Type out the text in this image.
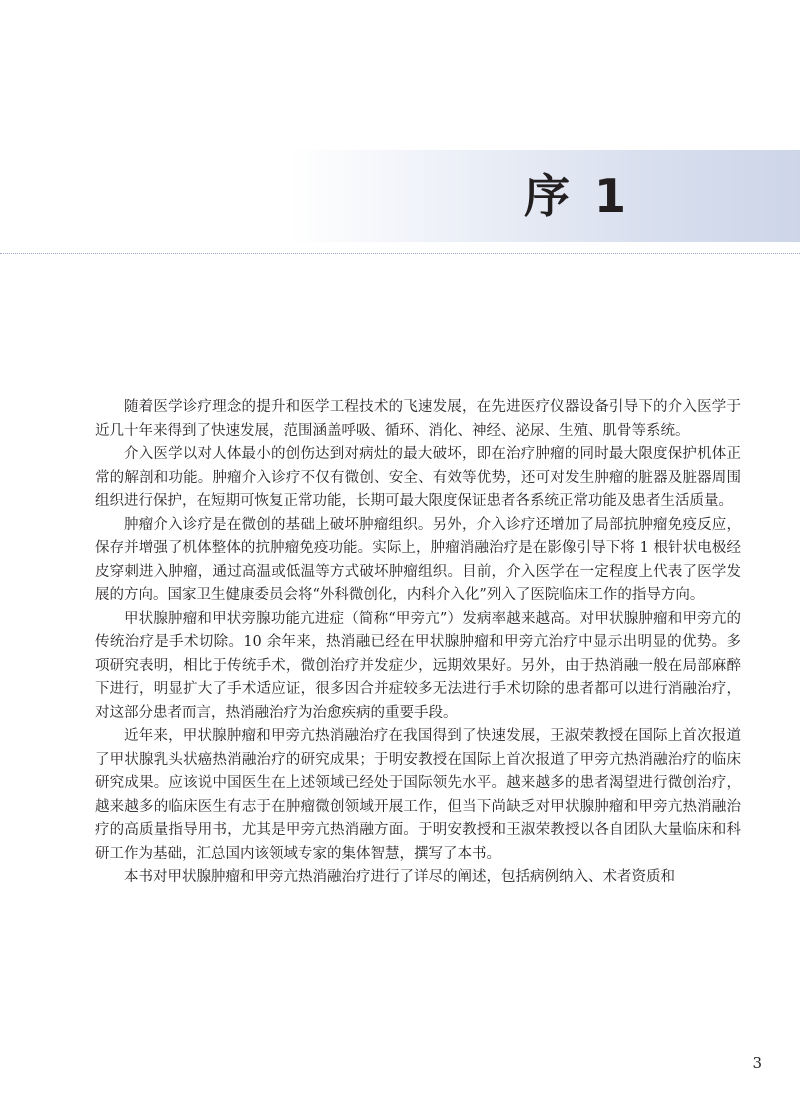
序 1

随着医学诊疗理念的提升和医学工程技术的飞速发展，在先进医疗仪器设备引导下的介入医学于近几十年来得到了快速发展，范围涵盖呼吸、循环、消化、神经、泌尿、生殖、肌骨等系统。

介入医学以对人体最小的创伤达到对病灶的最大破坏，即在治疗肿瘤的同时最大限度保护机体正常的解剖和功能。肿瘤介入诊疗不仅有微创、安全、有效等优势，还可对发生肿瘤的脏器及脏器周围组织进行保护，在短期可恢复正常功能，长期可最大限度保证患者各系统正常功能及患者生活质量。

肿瘤介入诊疗是在微创的基础上破坏肿瘤组织。另外，介入诊疗还增加了局部抗肿瘤免疫反应，保存并增强了机体整体的抗肿瘤免疫功能。实际上，肿瘤消融治疗是在影像引导下将 1 根针状电极经皮穿刺进入肿瘤，通过高温或低温等方式破坏肿瘤组织。目前，介入医学在一定程度上代表了医学发展的方向。国家卫生健康委员会将“外科微创化，内科介入化”列入了医院临床工作的指导方向。

甲状腺肿瘤和甲状旁腺功能亢进症（简称“甲旁亢”）发病率越来越高。对甲状腺肿瘤和甲旁亢的传统治疗是手术切除。10 余年来，热消融已经在甲状腺肿瘤和甲旁亢治疗中显示出明显的优势。多项研究表明，相比于传统手术，微创治疗并发症少，远期效果好。另外，由于热消融一般在局部麻醉下进行，明显扩大了手术适应证，很多因合并症较多无法进行手术切除的患者都可以进行消融治疗，对这部分患者而言，热消融治疗为治愈疾病的重要手段。

近年来，甲状腺肿瘤和甲旁亢热消融治疗在我国得到了快速发展，王淑荣教授在国际上首次报道了甲状腺乳头状癌热消融治疗的研究成果；于明安教授在国际上首次报道了甲旁亢热消融治疗的临床研究成果。应该说中国医生在上述领域已经处于国际领先水平。越来越多的患者渴望进行微创治疗，越来越多的临床医生有志于在肿瘤微创领域开展工作，但当下尚缺乏对甲状腺肿瘤和甲旁亢热消融治疗的高质量指导用书，尤其是甲旁亢热消融方面。于明安教授和王淑荣教授以各自团队大量临床和科研工作为基础，汇总国内该领域专家的集体智慧，撰写了本书。

本书对甲状腺肿瘤和甲旁亢热消融治疗进行了详尽的阐述，包括病例纳入、术者资质和

3
